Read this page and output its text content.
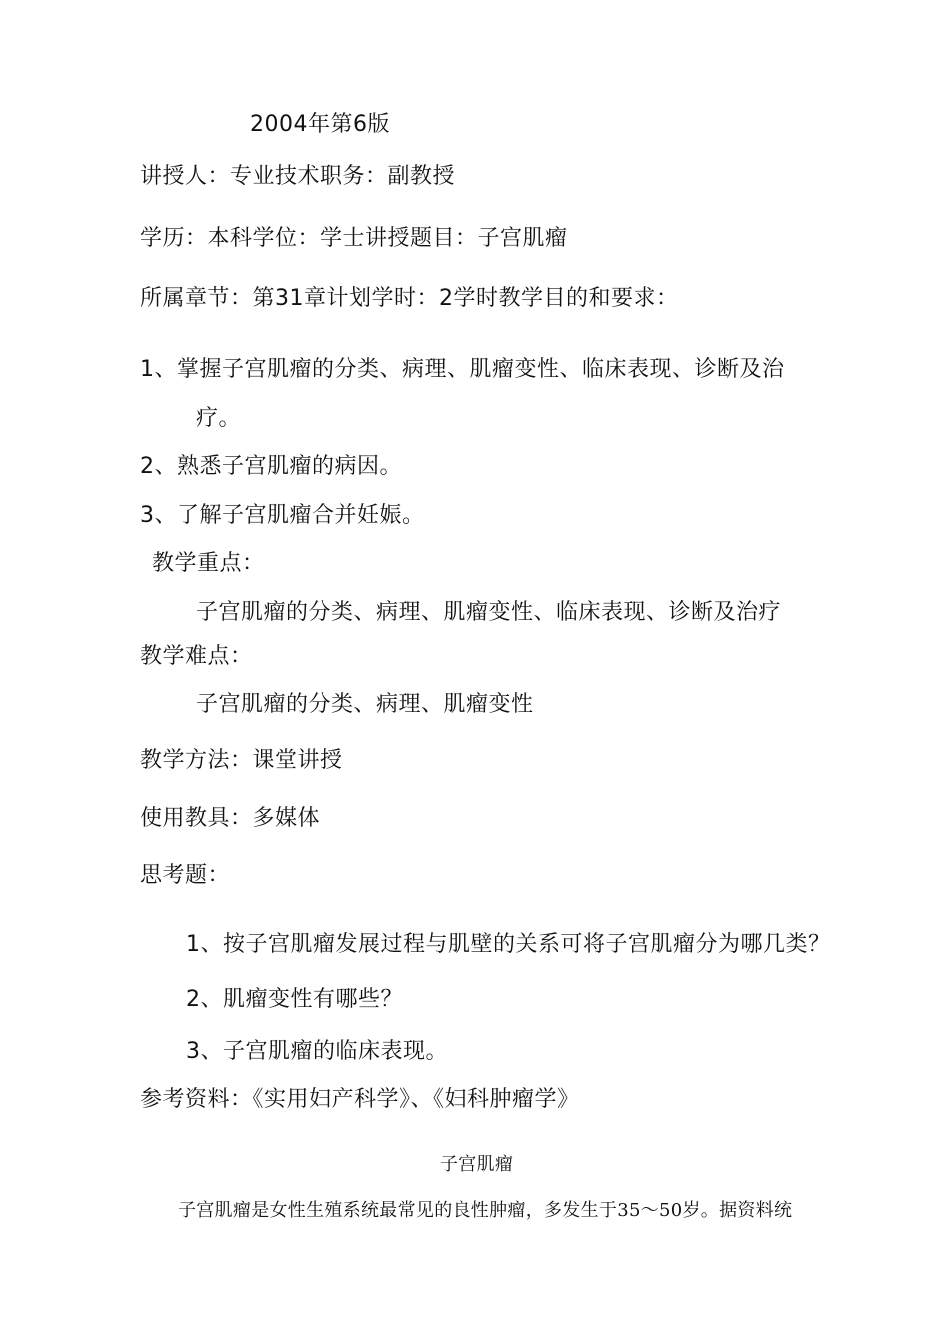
2004年第6版
讲授人：专业技术职务：副教授
学历：本科学位：学士讲授题目：子宫肌瘤
所属章节：第31章计划学时：2学时教学目的和要求：
1、掌握子宫肌瘤的分类、病理、肌瘤变性、临床表现、诊断及治
疗。
2、熟悉子宫肌瘤的病因。
3、了解子宫肌瘤合并妊娠。
教学重点：
子宫肌瘤的分类、病理、肌瘤变性、临床表现、诊断及治疗
教学难点：
子宫肌瘤的分类、病理、肌瘤变性
教学方法：课堂讲授
使用教具：多媒体
思考题：
1、按子宫肌瘤发展过程与肌壁的关系可将子宫肌瘤分为哪几类？
2、肌瘤变性有哪些？
3、子宫肌瘤的临床表现。
参考资料：《实用妇产科学》、《妇科肿瘤学》
子宫肌瘤
子宫肌瘤是女性生殖系统最常见的良性肿瘤，多发生于35～50岁。据资料统
